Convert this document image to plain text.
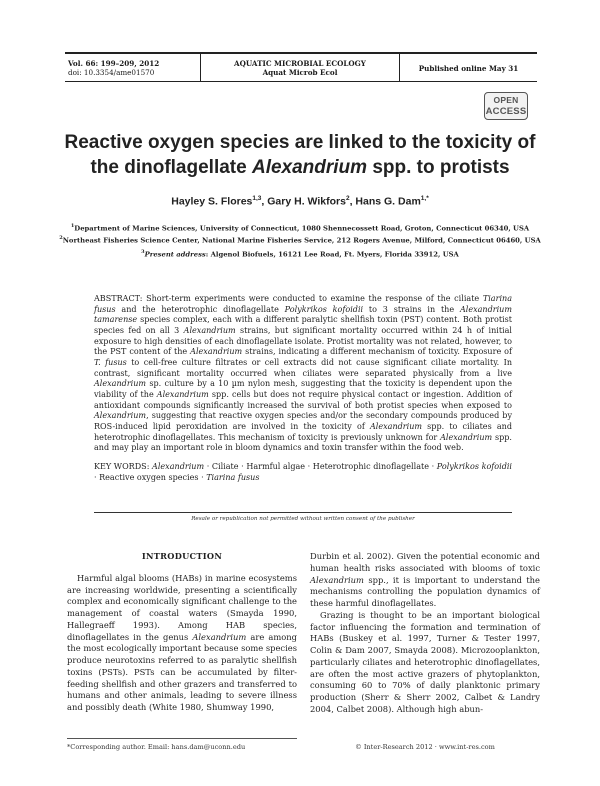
Vol. 66: 199–209, 2012
doi: 10.3354/ame01570
AQUATIC MICROBIAL ECOLOGY
Aquat Microb Ecol	Published online May 31
OPEN
ACCESS
Reactive oxygen species are linked to the toxicity of
the dinoflagellate Alexandrium spp. to protists
Hayley S. Flores$^{1,3}$, Gary H. Wikfors$^2$, Hans G. Dam$^{1,*}$
$^1$Department of Marine Sciences, University of Connecticut, 1080 Shennecossett Road, Groton, Connecticut 06340, USA
$^2$Northeast Fisheries Science Center, National Marine Fisheries Service, 212 Rogers Avenue, Milford, Connecticut 06460, USA
$^3$Present address: Algenol Biofuels, 16121 Lee Road, Ft. Myers, Florida 33912, USA

ABSTRACT: Short-term experiments were conducted to examine the response of the ciliate Tiarina fusus and the heterotrophic dinoflagellate Polykrikos kofoidii to 3 strains in the Alexandrium tamarense species complex, each with a different paralytic shellfish toxin (PST) content. Both protist species fed on all 3 Alexandrium strains, but significant mortality occurred within 24 h of initial exposure to high densities of each dinoflagellate isolate. Protist mortality was not related, however, to the PST content of the Alexandrium strains, indicating a different mechanism of toxicity. Exposure of T. fusus to cell-free culture filtrates or cell extracts did not cause significant ciliate mortality. In contrast, significant mortality occurred when ciliates were separated physically from a live Alexandrium sp. culture by a 10 µm nylon mesh, suggesting that the toxicity is dependent upon the viability of the Alexandrium spp. cells but does not require physical contact or ingestion. Addition of antioxidant compounds significantly increased the survival of both protist species when exposed to Alexandrium, suggesting that reactive oxygen species and/or the secondary compounds produced by ROS-induced lipid peroxidation are involved in the toxicity of Alexandrium spp. to ciliates and heterotrophic dinoflagellates. This mechanism of toxicity is previously unknown for Alexandrium spp. and may play an important role in bloom dynamics and toxin transfer within the food web.

KEY WORDS: Alexandrium · Ciliate · Harmful algae · Heterotrophic dinoflagellate · Polykrikos kofoidii · Reactive oxygen species · Tiarina fusus

Resale or republication not permitted without written consent of the publisher
INTRODUCTION

Harmful algal blooms (HABs) in marine ecosystems are increasing worldwide, presenting a scientifically complex and economically significant challenge to the management of coastal waters (Smayda 1990, Hallegraeff 1993). Among HAB species, dinoflagellates in the genus Alexandrium are among the most ecologically important because some species produce neurotoxins referred to as paralytic shellfish toxins (PSTs). PSTs can be accumulated by filter-feeding shellfish and other grazers and transferred to humans and other animals, leading to severe illness and possibly death (White 1980, Shumway 1990,

Durbin et al. 2002). Given the potential economic and human health risks associated with blooms of toxic Alexandrium spp., it is important to understand the mechanisms controlling the population dynamics of these harmful dinoflagellates.

Grazing is thought to be an important biological factor influencing the formation and termination of HABs (Buskey et al. 1997, Turner & Tester 1997, Colin & Dam 2007, Smayda 2008). Microzooplankton, particularly ciliates and heterotrophic dinoflagellates, are often the most active grazers of phytoplankton, consuming 60 to 70% of daily planktonic primary production (Sherr & Sherr 2002, Calbet & Landry 2004, Calbet 2008). Although high abun-

*Corresponding author. Email: hans.dam@uconn.edu	© Inter-Research 2012 · www.int-res.com
